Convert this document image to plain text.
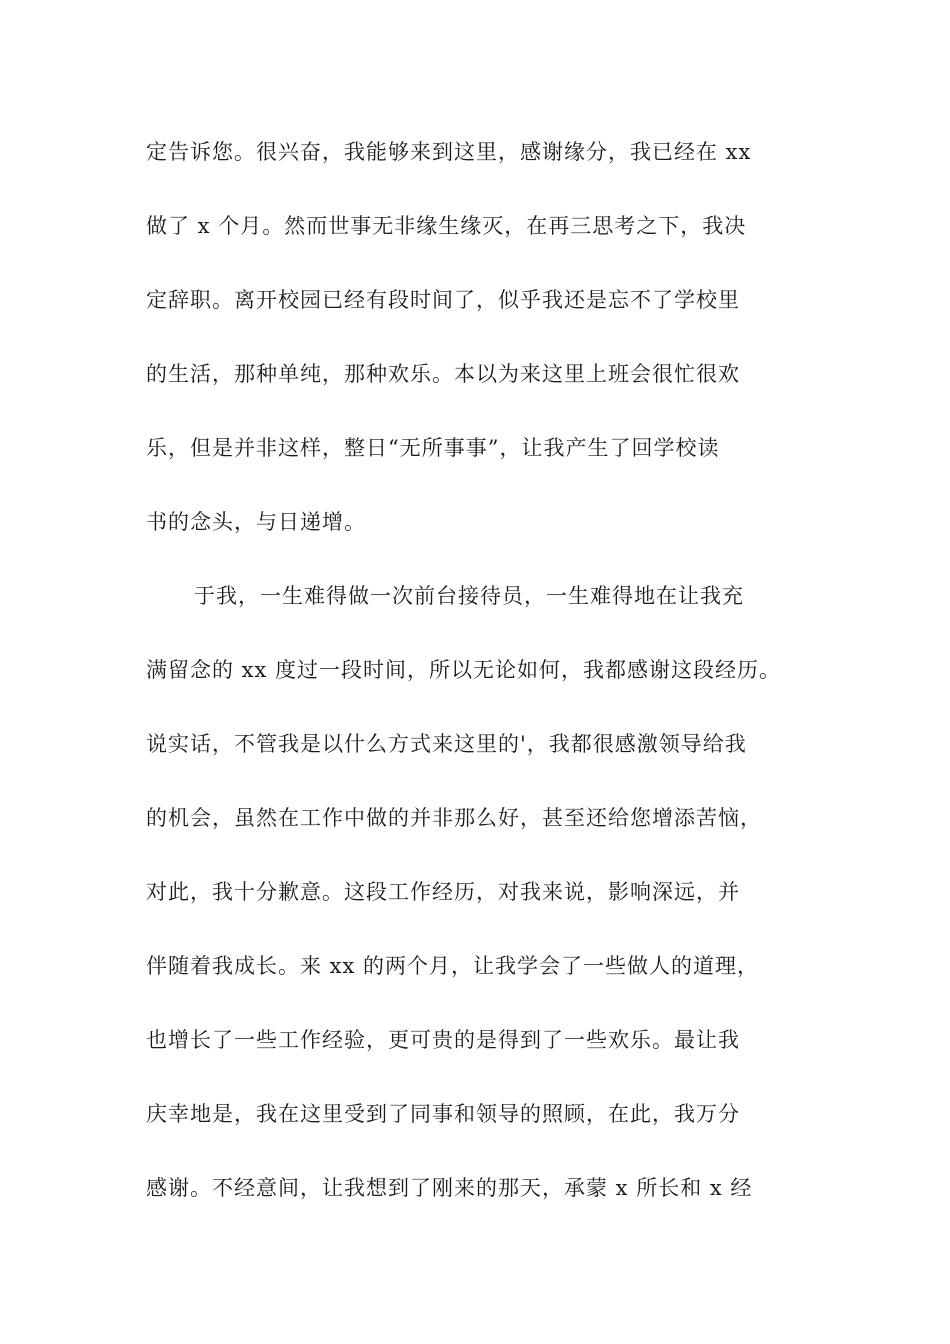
定告诉您。很兴奋，我能够来到这里，感谢缘分，我已经在 xx
做了 x 个月。然而世事无非缘生缘灭，在再三思考之下，我决
定辞职。离开校园已经有段时间了，似乎我还是忘不了学校里
的生活，那种单纯，那种欢乐。本以为来这里上班会很忙很欢
乐，但是并非这样，整日“无所事事”，让我产生了回学校读
书的念头，与日递增。
于我，一生难得做一次前台接待员，一生难得地在让我充
满留念的 xx 度过一段时间，所以无论如何，我都感谢这段经历。
说实话，不管我是以什么方式来这里的'，我都很感激领导给我
的机会，虽然在工作中做的并非那么好，甚至还给您增添苦恼，
对此，我十分歉意。这段工作经历，对我来说，影响深远，并
伴随着我成长。来 xx 的两个月，让我学会了一些做人的道理，
也增长了一些工作经验，更可贵的是得到了一些欢乐。最让我
庆幸地是，我在这里受到了同事和领导的照顾，在此，我万分
感谢。不经意间，让我想到了刚来的那天，承蒙 x 所长和 x 经
